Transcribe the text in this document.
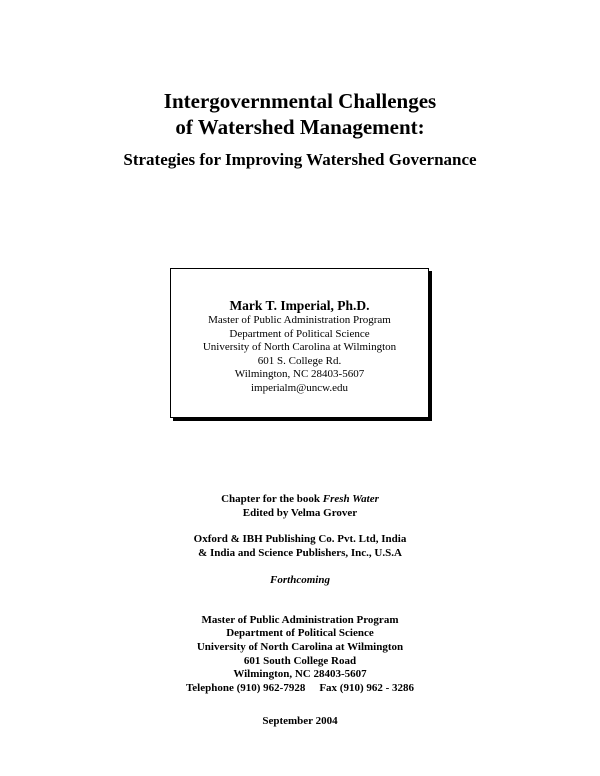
Intergovernmental Challenges
of Watershed Management:
Strategies for Improving Watershed Governance
Mark T. Imperial, Ph.D.
Master of Public Administration Program
Department of Political Science
University of North Carolina at Wilmington
601 S. College Rd.
Wilmington, NC 28403-5607
imperialm@uncw.edu
Chapter for the book Fresh Water
Edited by Velma Grover
Oxford & IBH Publishing Co. Pvt. Ltd, India
& India and Science Publishers, Inc., U.S.A
Forthcoming
Master of Public Administration Program
Department of Political Science
University of North Carolina at Wilmington
601 South College Road
Wilmington, NC 28403-5607
Telephone (910) 962-7928 Fax (910) 962 - 3286
September 2004
